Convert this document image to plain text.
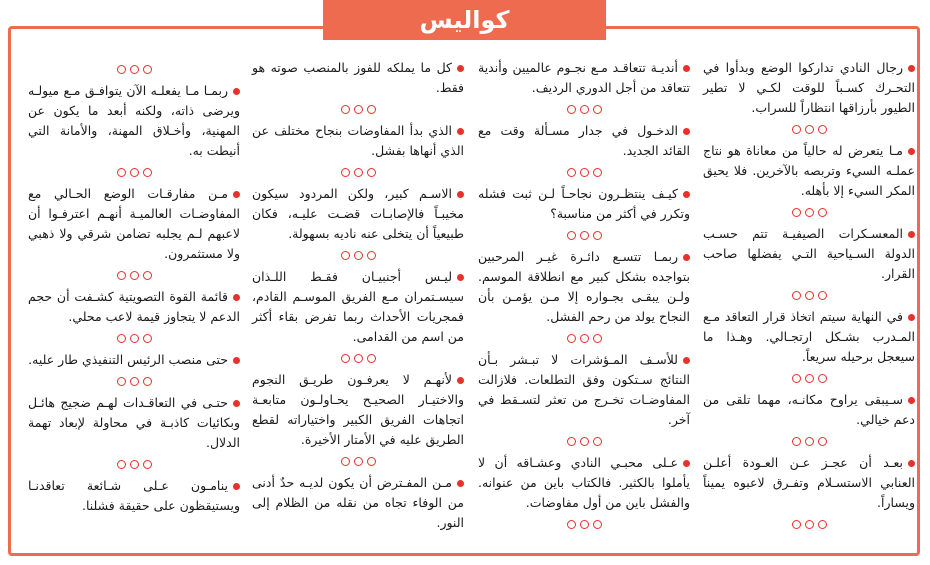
كواليس

رجال النادي تداركوا الوضع وبدأوا في التحـرك كسـباً للوقت لكـي لا تطير الطيور بأرزاقها انتظاراً للسراب.

مـا يتعرض له حالياً من معاناة هو نتاج عملـه السيء وتربصه بالآخرين. فلا يحيق المكر السيء إلا بأهله.

المعسـكرات الصيفيـة تتم حسـب الدولة السـياحية التـي يفضلها صاحب القرار.

في النهاية سيتم اتخاذ قرار التعاقد مـع المـدرب بشـكل ارتجـالي. وهـذا ما سيعجل برحيله سريعاً.

سـيبقى يراوح مكانـه، مهما تلقى من دعم خيالي.

بعـد أن عجـز عـن العـودة أعلـن العنابي الاستسـلام وتفـرق لاعبوه يميناً ويساراً.

أنديـة تتعاقـد مـع نجـوم عالميين وأندية تتعاقد من أجل الدوري الرديف.

الدخـول في جدار مسـألة وقت مع القائد الجديد.

كيـف ينتظـرون نجاحـاً لـن ثبت فشله وتكرر في أكثر من مناسبة؟

ربمـا تتسـع دائـرة غيـر المرحبين بتواجده بشكل كبير مع انطلاقة الموسم. ولـن يبقـى بجـواره إلا مـن يؤمـن بأن النجاح يولد من رحم الفشل.

للأسـف المـؤشرات لا تبـشر بـأن النتائج سـتكون وفق التطلعات. فلازالت المفاوضـات تخـرج من تعثر لتسـقط في آخر.

عـلى محبـي النادي وعشـاقه أن لا يأملوا بالكثير. فالكتاب باين من عنوانه. والفشل باين من أول مفاوضات.

كل ما يملكه للفوز بالمنصب صوته هو فقط.

الذي بدأ المفاوضات بنجاح مختلف عن الذي أنهاها بفشل.

الاسـم كبير، ولكن المردود سيكون مخيبـاً فالإصابـات قضـت عليـه، فكان طبيعياً أن يتخلى عنه ناديه بسهولة.

ليـس أجنبيـان فقـط اللـذان سيسـتمران مـع الفريق الموسـم القادم، فمجريات الأحداث ربما تفرض بقاء أكثر من اسم من القدامى.

لأنهـم لا يعرفـون طريـق النجوم والاختيـار الصحيـح يحـاولـون متابعـة اتجاهات الفريق الكبير واختياراته لقطع الطريق عليه في الأمتار الأخيرة.

مـن المفـترض أن يكون لديـه حدٌ أدنى من الوفاء تجاه من نقله من الظلام إلى النور.

ربمـا مـا يفعلـه الآن يتوافـق مـع ميولـه ويرضى ذاته، ولكنه أبعد ما يكون عن المهنية، وأخـلاق المهنة، والأمانة التي أنيطت به.

مـن مفارقـات الوضع الحـالي مع المفاوضـات العالميـة أنهـم اعترفـوا أن لاعبهم لـم يجلبه تضامن شرقي ولا ذهبي ولا مستثمرون.

قائمة القوة التصويتية كشـفت أن حجم الدعم لا يتجاوز قيمة لاعب محلي.

حتى منصب الرئيس التنفيذي طار عليه.

حتـى في التعاقـدات لهـم ضجيج هائـل وبكائيات كاذبـة في محاولة لإبعاد تهمة الدلال.

ينامـون عـلى شـائعة تعاقدنـا ويستيقظون على حقيقة فشلنا.
